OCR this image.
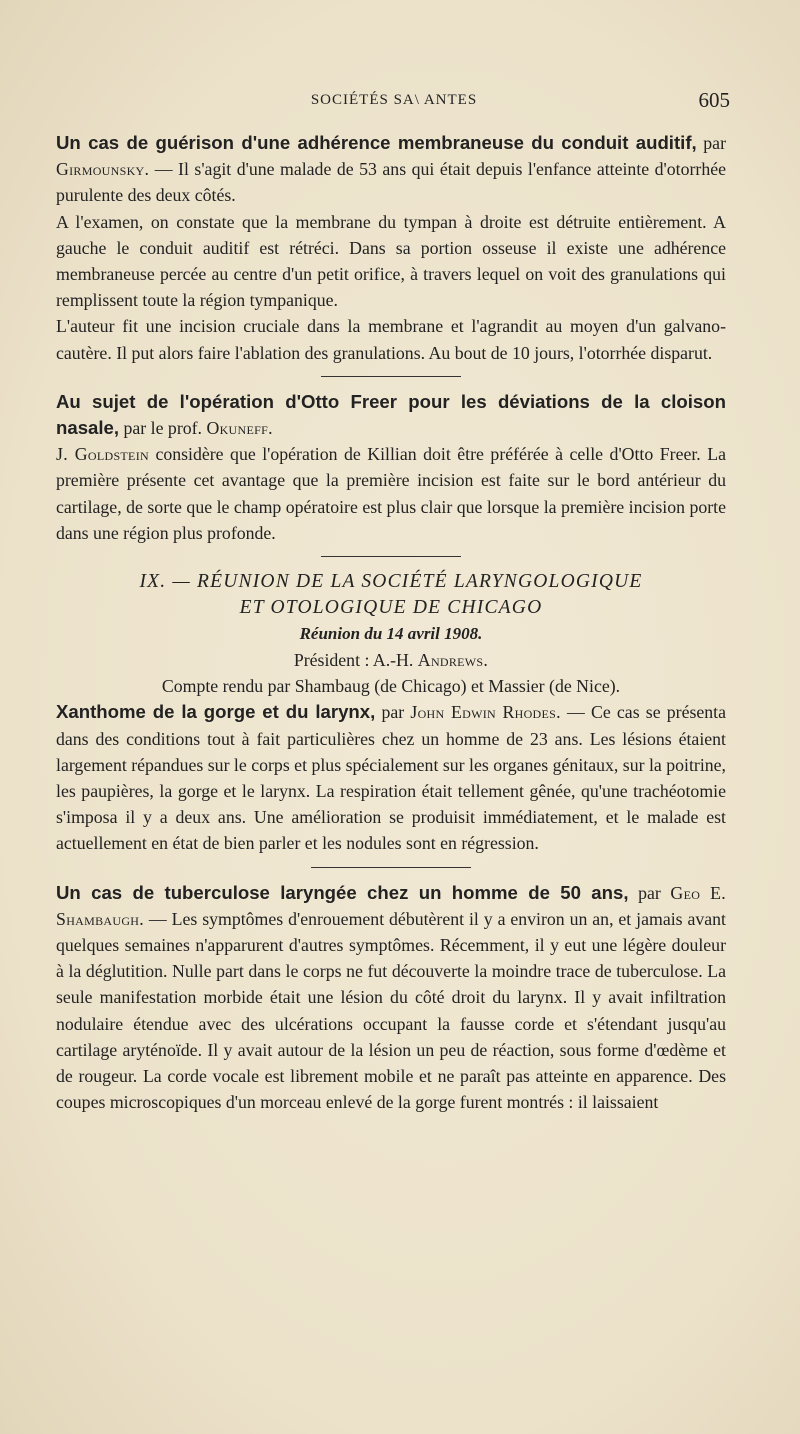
SOCIÉTÉS SA\ ANTES	605

Un cas de guérison d'une adhérence membraneuse du conduit auditif, par Girmounsky. — Il s'agit d'une malade de 53 ans qui était depuis l'enfance atteinte d'otorrhée purulente des deux côtés.

A l'examen, on constate que la membrane du tympan à droite est détruite entièrement. A gauche le conduit auditif est rétréci. Dans sa portion osseuse il existe une adhérence membraneuse percée au centre d'un petit orifice, à travers lequel on voit des granulations qui remplissent toute la région tympanique.

L'auteur fit une incision cruciale dans la membrane et l'agrandit au moyen d'un galvano-cautère. Il put alors faire l'ablation des granulations. Au bout de 10 jours, l'otorrhée disparut.

Au sujet de l'opération d'Otto Freer pour les déviations de la cloison nasale, par le prof. Okuneff.

J. Goldstein considère que l'opération de Killian doit être préférée à celle d'Otto Freer. La première présente cet avantage que la première incision est faite sur le bord antérieur du cartilage, de sorte que le champ opératoire est plus clair que lorsque la première incision porte dans une région plus profonde.

IX. — RÉUNION DE LA SOCIÉTÉ LARYNGOLOGIQUE

ET OTOLOGIQUE DE CHICAGO

Réunion du 14 avril 1908.

Président : A.-H. Andrews.

Compte rendu par Shambaug (de Chicago) et Massier (de Nice).

Xanthome de la gorge et du larynx, par John Edwin Rhodes. — Ce cas se présenta dans des conditions tout à fait particulières chez un homme de 23 ans. Les lésions étaient largement répandues sur le corps et plus spécialement sur les organes génitaux, sur la poitrine, les paupières, la gorge et le larynx. La respiration était tellement gênée, qu'une trachéotomie s'imposa il y a deux ans. Une amélioration se produisit immédiatement, et le malade est actuellement en état de bien parler et les nodules sont en régression.

Un cas de tuberculose laryngée chez un homme de 50 ans, par Geo E. Shambaugh. — Les symptômes d'enrouement débutèrent il y a environ un an, et jamais avant quelques semaines n'apparurent d'autres symptômes. Récemment, il y eut une légère douleur à la déglutition. Nulle part dans le corps ne fut découverte la moindre trace de tuberculose. La seule manifestation morbide était une lésion du côté droit du larynx. Il y avait infiltration nodulaire étendue avec des ulcérations occupant la fausse corde et s'étendant jusqu'au cartilage aryténoïde. Il y avait autour de la lésion un peu de réaction, sous forme d'œdème et de rougeur. La corde vocale est librement mobile et ne paraît pas atteinte en apparence. Des coupes microscopiques d'un morceau enlevé de la gorge furent montrés : il laissaient
